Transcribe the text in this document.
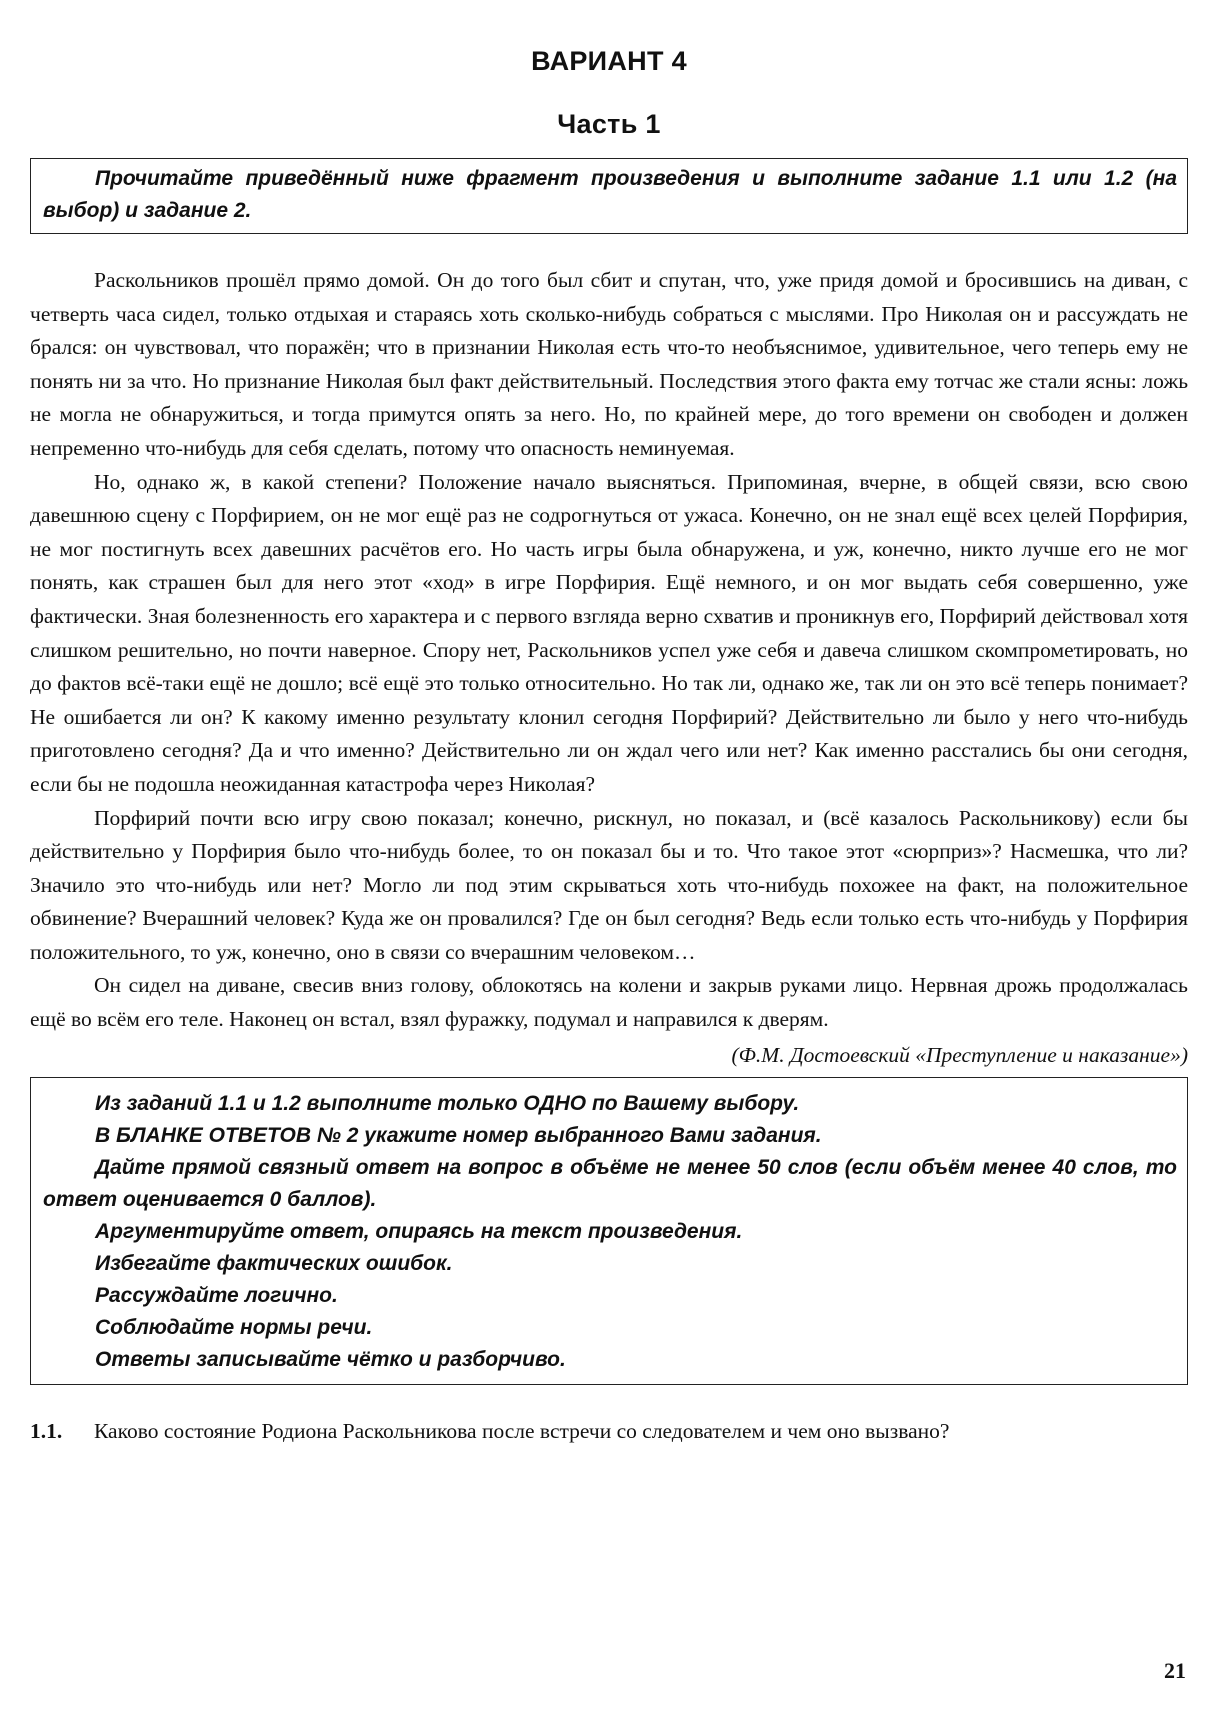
ВАРИАНТ 4
Часть 1
Прочитайте приведённый ниже фрагмент произведения и выполните задание 1.1 или 1.2 (на выбор) и задание 2.

Раскольников прошёл прямо домой. Он до того был сбит и спутан, что, уже придя домой и бросившись на диван, с четверть часа сидел, только отдыхая и стараясь хоть сколько-нибудь собраться с мыслями. Про Николая он и рассуждать не брался: он чувствовал, что поражён; что в признании Николая есть что-то необъяснимое, удивительное, чего теперь ему не понять ни за что. Но признание Николая был факт действительный. Последствия этого факта ему тотчас же стали ясны: ложь не могла не обнаружиться, и тогда примутся опять за него. Но, по крайней мере, до того времени он свободен и должен непременно что-нибудь для себя сделать, потому что опасность неминуемая.

Но, однако ж, в какой степени? Положение начало выясняться. Припоминая, вчерне, в общей связи, всю свою давешнюю сцену с Порфирием, он не мог ещё раз не содрогнуться от ужаса. Конечно, он не знал ещё всех целей Порфирия, не мог постигнуть всех давешних расчётов его. Но часть игры была обнаружена, и уж, конечно, никто лучше его не мог понять, как страшен был для него этот «ход» в игре Порфирия. Ещё немного, и он мог выдать себя совершенно, уже фактически. Зная болезненность его характера и с первого взгляда верно схватив и проникнув его, Порфирий действовал хотя слишком решительно, но почти наверное. Спору нет, Раскольников успел уже себя и давеча слишком скомпрометировать, но до фактов всё-таки ещё не дошло; всё ещё это только относительно. Но так ли, однако же, так ли он это всё теперь понимает? Не ошибается ли он? К какому именно результату клонил сегодня Порфирий? Действительно ли было у него что-нибудь приготовлено сегодня? Да и что именно? Действительно ли он ждал чего или нет? Как именно расстались бы они сегодня, если бы не подошла неожиданная катастрофа через Николая?

Порфирий почти всю игру свою показал; конечно, рискнул, но показал, и (всё казалось Раскольникову) если бы действительно у Порфирия было что-нибудь более, то он показал бы и то. Что такое этот «сюрприз»? Насмешка, что ли? Значило это что-нибудь или нет? Могло ли под этим скрываться хоть что-нибудь похожее на факт, на положительное обвинение? Вчерашний человек? Куда же он провалился? Где он был сегодня? Ведь если только есть что-нибудь у Порфирия положительного, то уж, конечно, оно в связи со вчерашним человеком…

Он сидел на диване, свесив вниз голову, облокотясь на колени и закрыв руками лицо. Нервная дрожь продолжалась ещё во всём его теле. Наконец он встал, взял фуражку, подумал и направился к дверям.

(Ф.М. Достоевский «Преступление и наказание»)
Из заданий 1.1 и 1.2 выполните только ОДНО по Вашему выбору.
В БЛАНКЕ ОТВЕТОВ № 2 укажите номер выбранного Вами задания.
Дайте прямой связный ответ на вопрос в объёме не менее 50 слов (если объём менее 40 слов, то ответ оценивается 0 баллов).
Аргументируйте ответ, опираясь на текст произведения.
Избегайте фактических ошибок.
Рассуждайте логично.
Соблюдайте нормы речи.
Ответы записывайте чётко и разборчиво.
1.1.	Каково состояние Родиона Раскольникова после встречи со следователем и чем оно вызвано?
21
